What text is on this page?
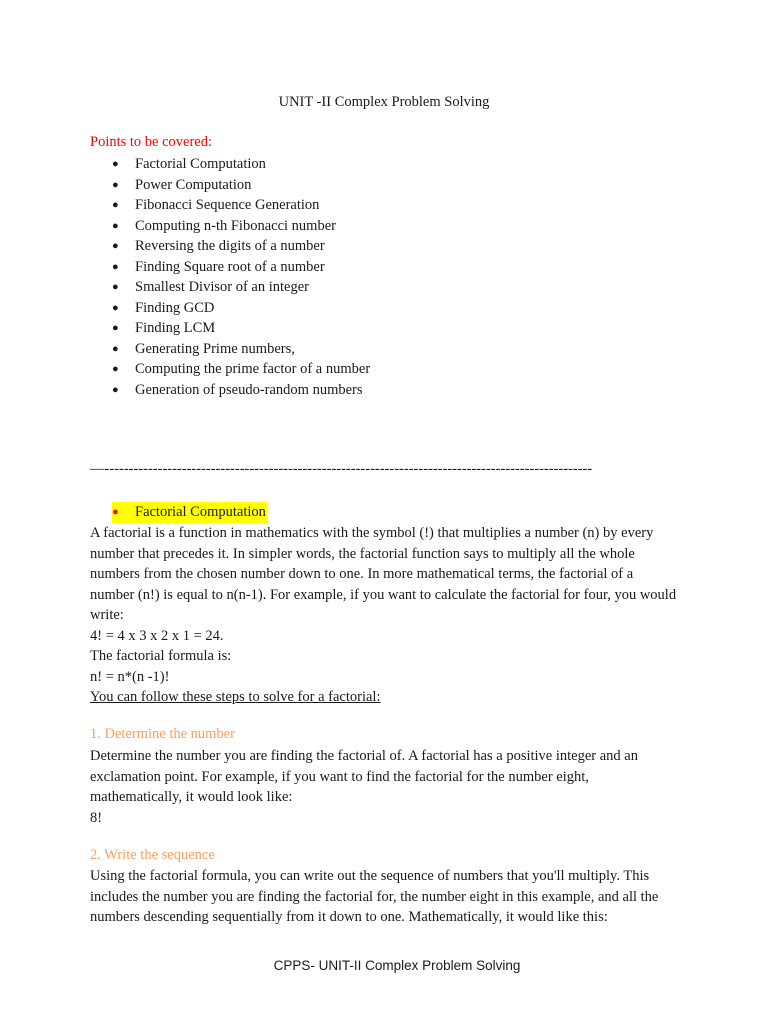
UNIT -II Complex Problem Solving
Points to be covered:
● Factorial Computation
● Power Computation
● Fibonacci Sequence Generation
● Computing n-th Fibonacci number
● Reversing the digits of a number
● Finding Square root of a number
● Smallest Divisor of an integer
● Finding GCD
● Finding LCM
● Generating Prime numbers,
● Computing the prime factor of a number
● Generation of pseudo-random numbers
—-----------------------------------------------------------------------------------------------------
●	Factorial Computation

A factorial is a function in mathematics with the symbol (!) that multiplies a number (n) by every number that precedes it. In simpler words, the factorial function says to multiply all the whole numbers from the chosen number down to one. In more mathematical terms, the factorial of a number (n!) is equal to n(n-1). For example, if you want to calculate the factorial for four, you would write:

4! = 4 x 3 x 2 x 1 = 24.

The factorial formula is:

n! = n*(n -1)!

You can follow these steps to solve for a factorial:

1. Determine the number

Determine the number you are finding the factorial of. A factorial has a positive integer and an exclamation point. For example, if you want to find the factorial for the number eight, mathematically, it would look like:

8!

2. Write the sequence

Using the factorial formula, you can write out the sequence of numbers that you'll multiply. This includes the number you are finding the factorial for, the number eight in this example, and all the numbers descending sequentially from it down to one. Mathematically, it would like this:

CPPS- UNIT-II Complex Problem Solving
